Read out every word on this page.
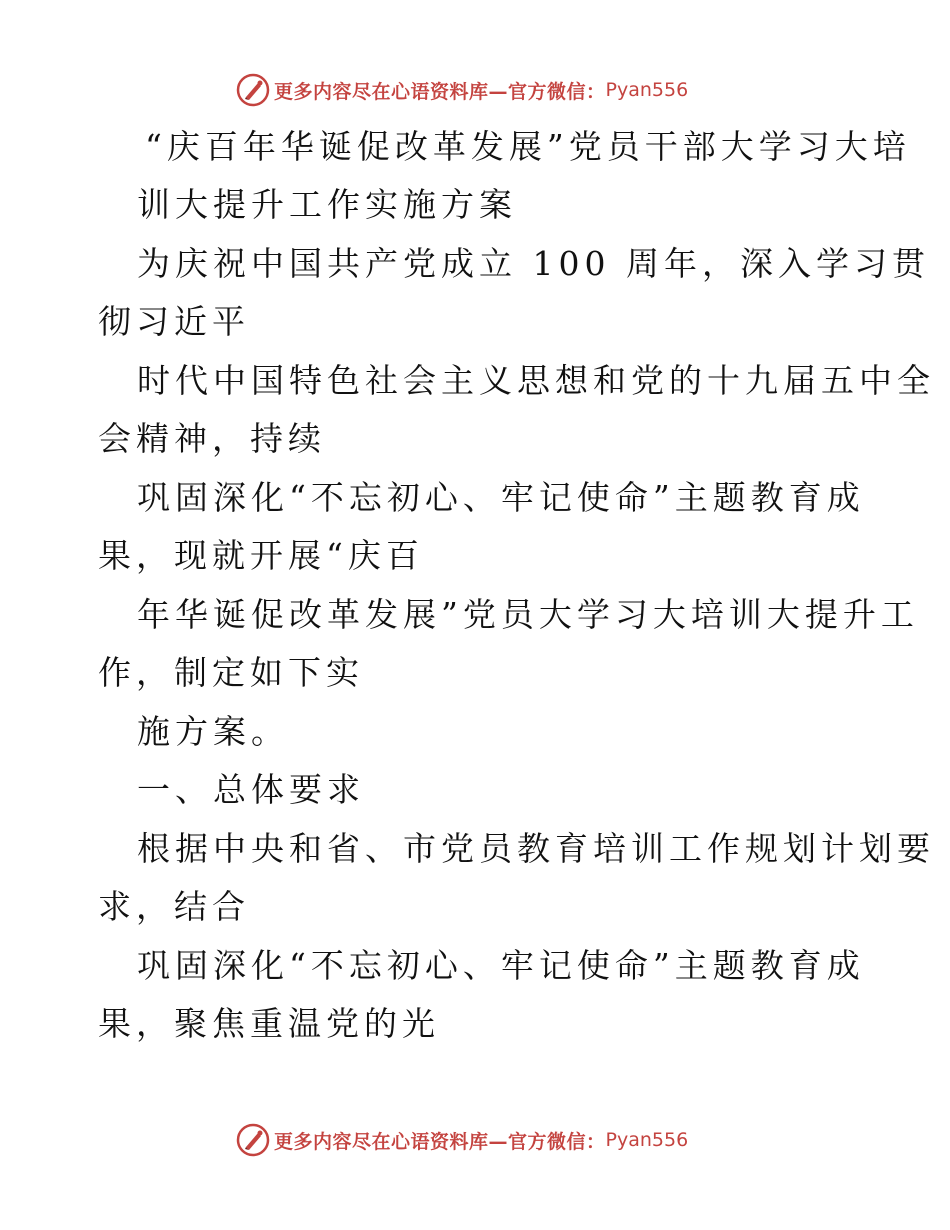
更多内容尽在心语资料库—官方微信： Pyan556
“庆百年华诞促改革发展”党员干部大学习大培
训大提升工作实施方案
为庆祝中国共产党成立 100 周年，深入学习贯
彻习近平
时代中国特色社会主义思想和党的十九届五中全
会精神，持续
巩固深化“不忘初心、牢记使命”主题教育成
果，现就开展“庆百
年华诞促改革发展”党员大学习大培训大提升工
作，制定如下实
施方案。
一、总体要求
根据中央和省、市党员教育培训工作规划计划要
求，结合
巩固深化“不忘初心、牢记使命”主题教育成
果，聚焦重温党的光
更多内容尽在心语资料库—官方微信： Pyan556
